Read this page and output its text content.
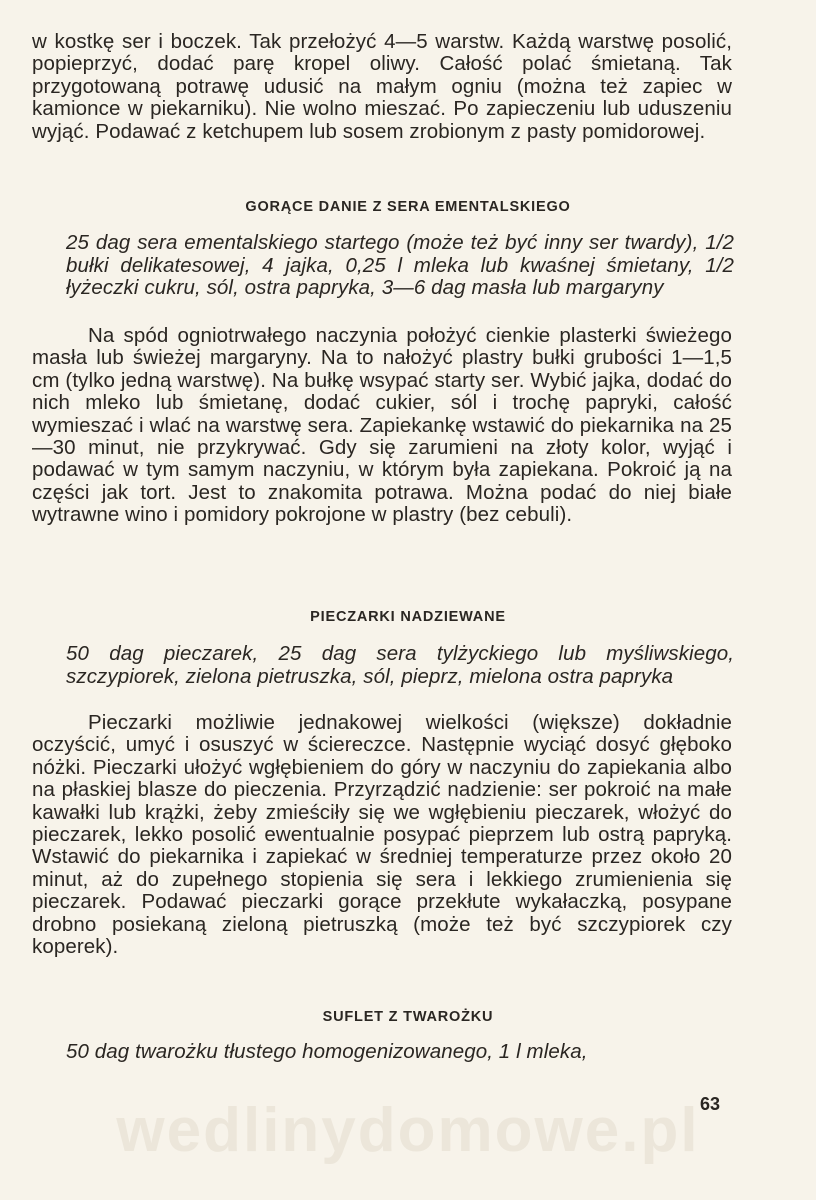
w kostkę ser i boczek. Tak przełożyć 4—5 warstw. Każdą warstwę posolić, popieprzyć, dodać parę kropel oliwy. Całość polać śmietaną. Tak przygotowaną potrawę udusić na małym ogniu (można też zapiec w kamionce w piekarniku). Nie wolno mieszać. Po zapieczeniu lub uduszeniu wyjąć. Podawać z ketchupem lub sosem zrobionym z pasty pomidorowej.
GORĄCE DANIE Z SERA EMENTALSKIEGO
25 dag sera ementalskiego startego (może też być inny ser twardy), 1/2 bułki delikatesowej, 4 jajka, 0,25 l mleka lub kwaśnej śmietany, 1/2 łyżeczki cukru, sól, ostra papryka, 3—6 dag masła lub margaryny
Na spód ogniotrwałego naczynia położyć cienkie plasterki świeżego masła lub świeżej margaryny. Na to nałożyć plastry bułki grubości 1—1,5 cm (tylko jedną warstwę). Na bułkę wsypać starty ser. Wybić jajka, dodać do nich mleko lub śmietanę, dodać cukier, sól i trochę papryki, całość wymieszać i wlać na warstwę sera. Zapiekankę wstawić do piekarnika na 25—30 minut, nie przykrywać. Gdy się zarumieni na złoty kolor, wyjąć i podawać w tym samym naczyniu, w którym była zapiekana. Pokroić ją na części jak tort. Jest to znakomita potrawa. Można podać do niej białe wytrawne wino i pomidory pokrojone w plastry (bez cebuli).
PIECZARKI NADZIEWANE
50 dag pieczarek, 25 dag sera tylżyckiego lub myśliwskiego, szczypiorek, zielona pietruszka, sól, pieprz, mielona ostra papryka
Pieczarki możliwie jednakowej wielkości (większe) dokładnie oczyścić, umyć i osuszyć w ściereczce. Następnie wyciąć dosyć głęboko nóżki. Pieczarki ułożyć wgłębieniem do góry w naczyniu do zapiekania albo na płaskiej blasze do pieczenia. Przyrządzić nadzienie: ser pokroić na małe kawałki lub krążki, żeby zmieściły się we wgłębieniu pieczarek, włożyć do pieczarek, lekko posolić ewentualnie posypać pieprzem lub ostrą papryką. Wstawić do piekarnika i zapiekać w średniej temperaturze przez około 20 minut, aż do zupełnego stopienia się sera i lekkiego zrumienienia się pieczarek. Podawać pieczarki gorące przekłute wykałaczką, posypane drobno posiekaną zieloną pietruszką (może też być szczypiorek czy koperek).
SUFLET Z TWAROŻKU
50 dag twarożku tłustego homogenizowanego, 1 l mleka,
wedlinydomowe.pl 63
